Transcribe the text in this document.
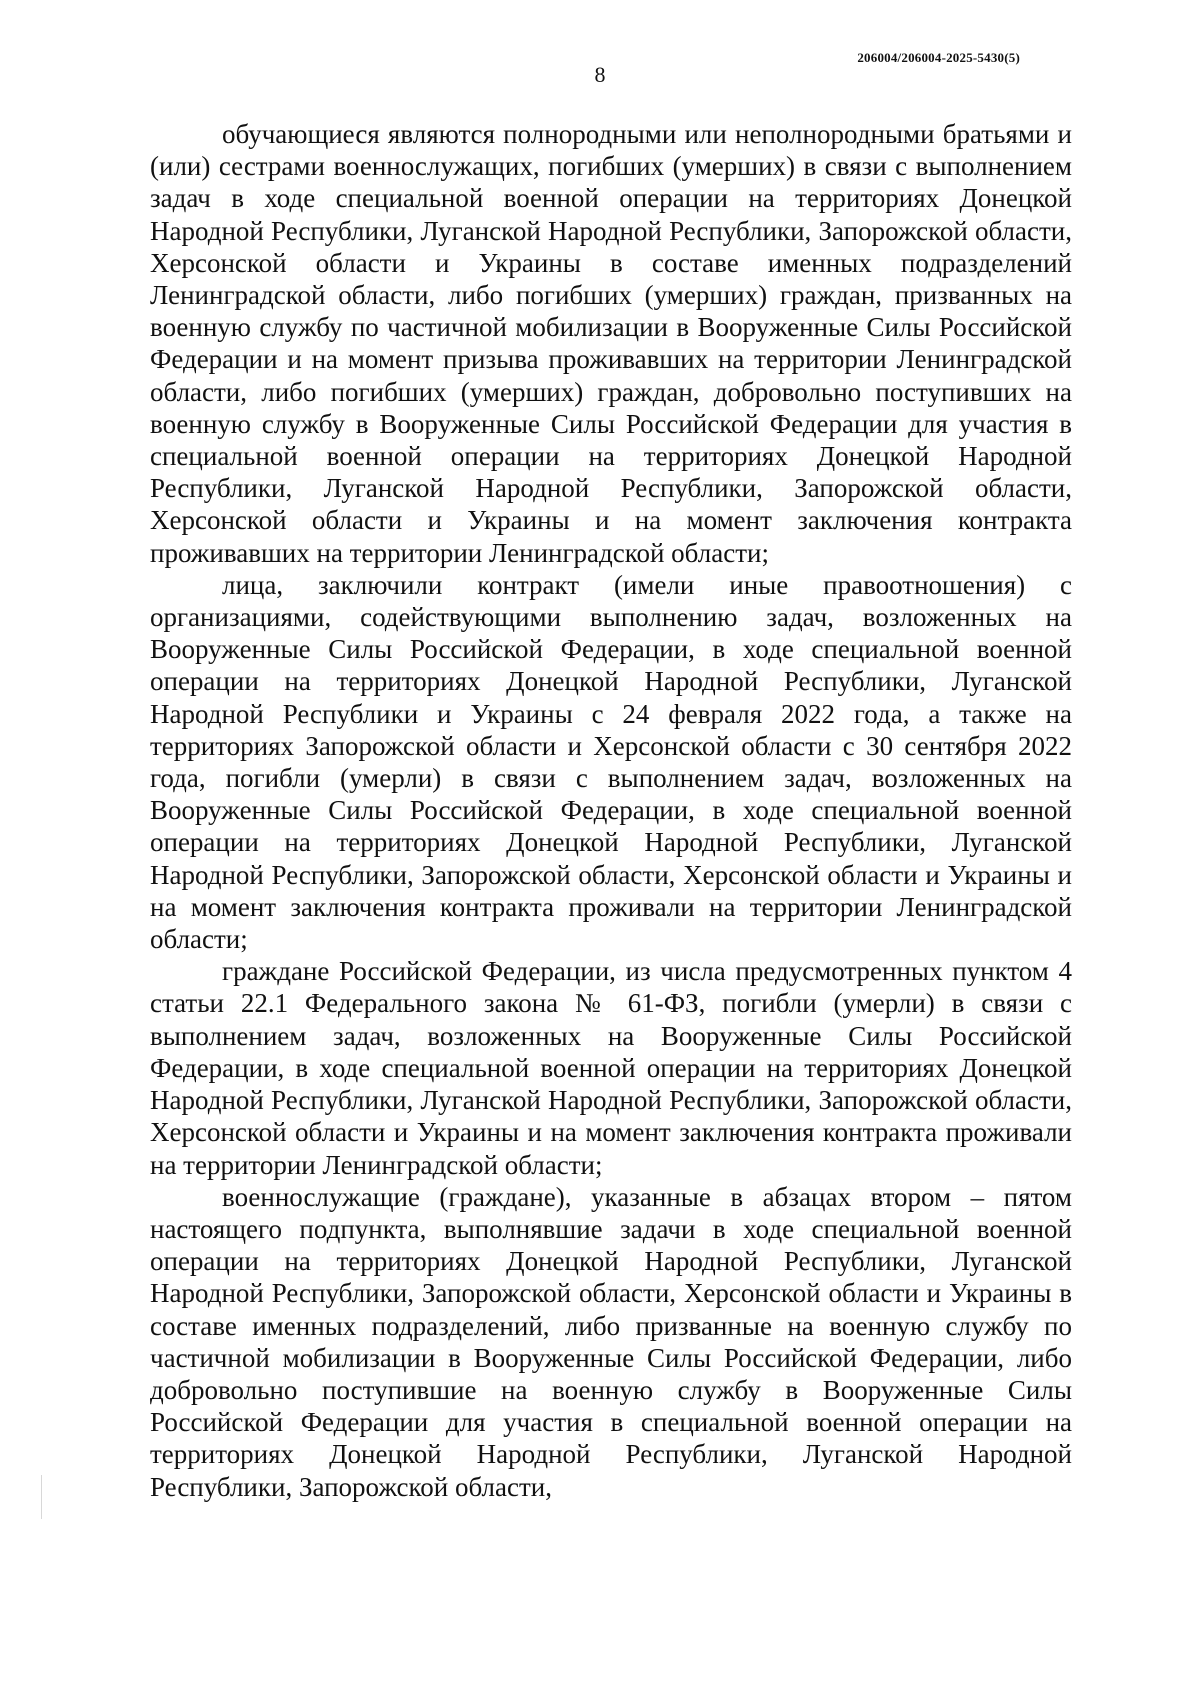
206004/206004-2025-5430(5)
8

обучающиеся являются полнородными или неполнородными братьями и (или) сестрами военнослужащих, погибших (умерших) в связи с выполнением задач в ходе специальной военной операции на территориях Донецкой Народной Республики, Луганской Народной Республики, Запорожской области, Херсонской области и Украины в составе именных подразделений Ленинградской области, либо погибших (умерших) граждан, призванных на военную службу по частичной мобилизации в Вооруженные Силы Российской Федерации и на момент призыва проживавших на территории Ленинградской области, либо погибших (умерших) граждан, добровольно поступивших на военную службу в Вооруженные Силы Российской Федерации для участия в специальной военной операции на территориях Донецкой Народной Республики, Луганской Народной Республики, Запорожской области, Херсонской области и Украины и на момент заключения контракта проживавших на территории Ленинградской области;

лица, заключили контракт (имели иные правоотношения) с организациями, содействующими выполнению задач, возложенных на Вооруженные Силы Российской Федерации, в ходе специальной военной операции на территориях Донецкой Народной Республики, Луганской Народной Республики и Украины с 24 февраля 2022 года, а также на территориях Запорожской области и Херсонской области с 30 сентября 2022 года, погибли (умерли) в связи с выполнением задач, возложенных на Вооруженные Силы Российской Федерации, в ходе специальной военной операции на территориях Донецкой Народной Республики, Луганской Народной Республики, Запорожской области, Херсонской области и Украины и на момент заключения контракта проживали на территории Ленинградской области;

граждане Российской Федерации, из числа предусмотренных пунктом 4 статьи 22.1 Федерального закона № 61-ФЗ, погибли (умерли) в связи с выполнением задач, возложенных на Вооруженные Силы Российской Федерации, в ходе специальной военной операции на территориях Донецкой Народной Республики, Луганской Народной Республики, Запорожской области, Херсонской области и Украины и на момент заключения контракта проживали на территории Ленинградской области;

военнослужащие (граждане), указанные в абзацах втором – пятом настоящего подпункта, выполнявшие задачи в ходе специальной военной операции на территориях Донецкой Народной Республики, Луганской Народной Республики, Запорожской области, Херсонской области и Украины в составе именных подразделений, либо призванные на военную службу по частичной мобилизации в Вооруженные Силы Российской Федерации, либо добровольно поступившие на военную службу в Вооруженные Силы Российской Федерации для участия в специальной военной операции на территориях Донецкой Народной Республики, Луганской Народной Республики, Запорожской области,
